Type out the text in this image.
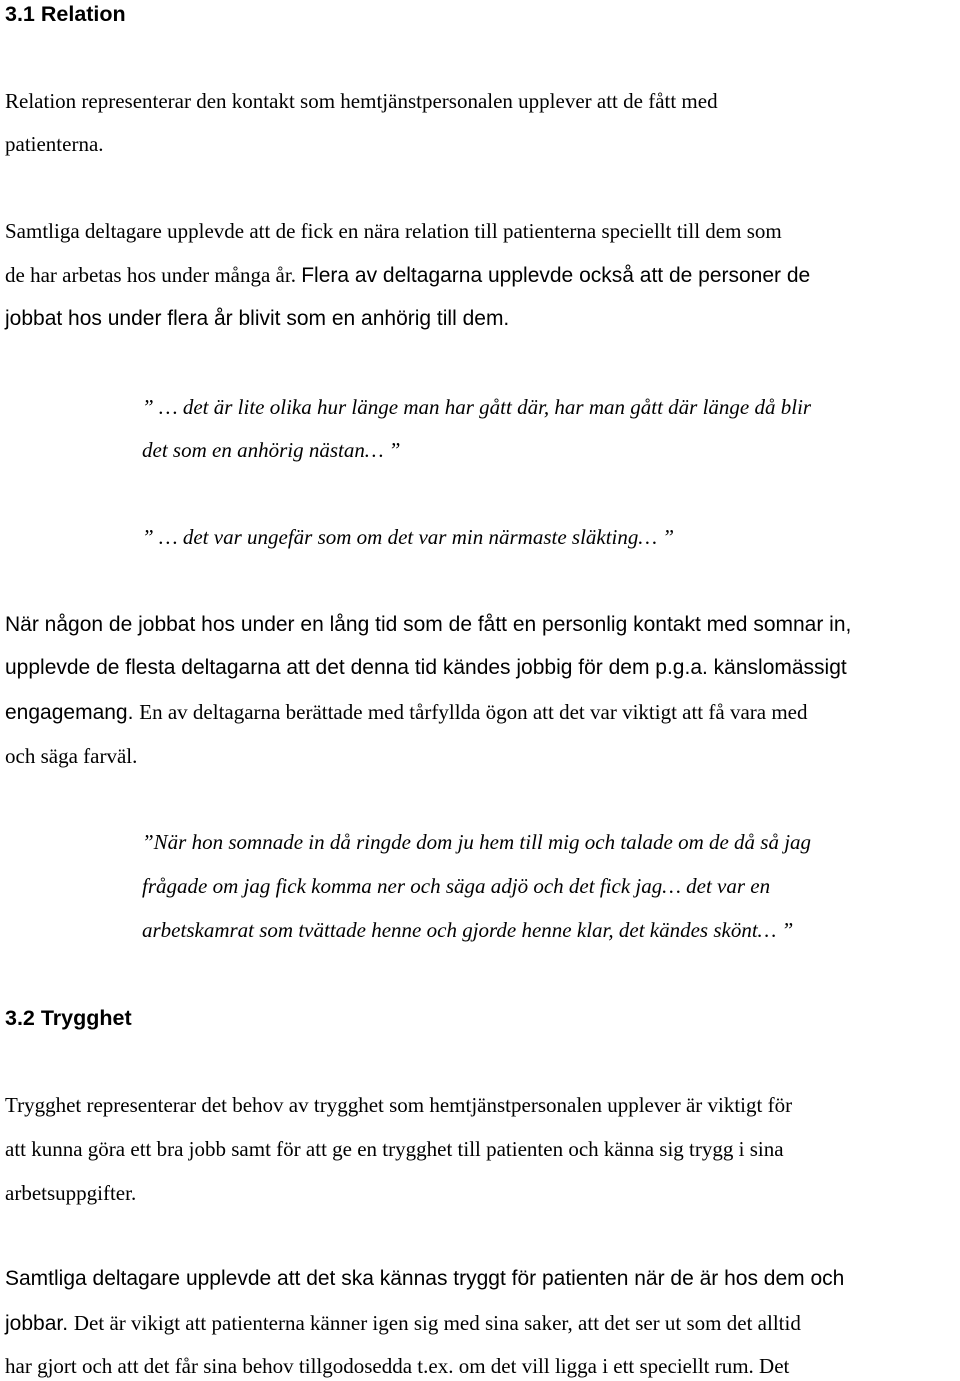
3.1 Relation

Relation representerar den kontakt som hemtjänstpersonalen upplever att de fått med

patienterna.

Samtliga deltagare upplevde att de fick en nära relation till patienterna speciellt till dem som

de har arbetas hos under många år. Flera av deltagarna upplevde också att de personer de

jobbat hos under flera år blivit som en anhörig till dem.

” … det är lite olika hur länge man har gått där, har man gått där länge då blir

det som en anhörig nästan… ”

” … det var ungefär som om det var min närmaste släkting… ”

När någon de jobbat hos under en lång tid som de fått en personlig kontakt med somnar in,

upplevde de flesta deltagarna att det denna tid kändes jobbig för dem p.g.a. känslomässigt

engagemang. En av deltagarna berättade med tårfyllda ögon att det var viktigt att få vara med

och säga farväl.

”När hon somnade in då ringde dom ju hem till mig och talade om de då så jag

frågade om jag fick komma ner och säga adjö och det fick jag… det var en

arbetskamrat som tvättade henne och gjorde henne klar, det kändes skönt… ”

3.2 Trygghet

Trygghet representerar det behov av trygghet som hemtjänstpersonalen upplever är viktigt för

att kunna göra ett bra jobb samt för att ge en trygghet till patienten och känna sig trygg i sina

arbetsuppgifter.

Samtliga deltagare upplevde att det ska kännas tryggt för patienten när de är hos dem och

jobbar. Det är vikigt att patienterna känner igen sig med sina saker, att det ser ut som det alltid

har gjort och att det får sina behov tillgodosedda t.ex. om det vill ligga i ett speciellt rum. Det
